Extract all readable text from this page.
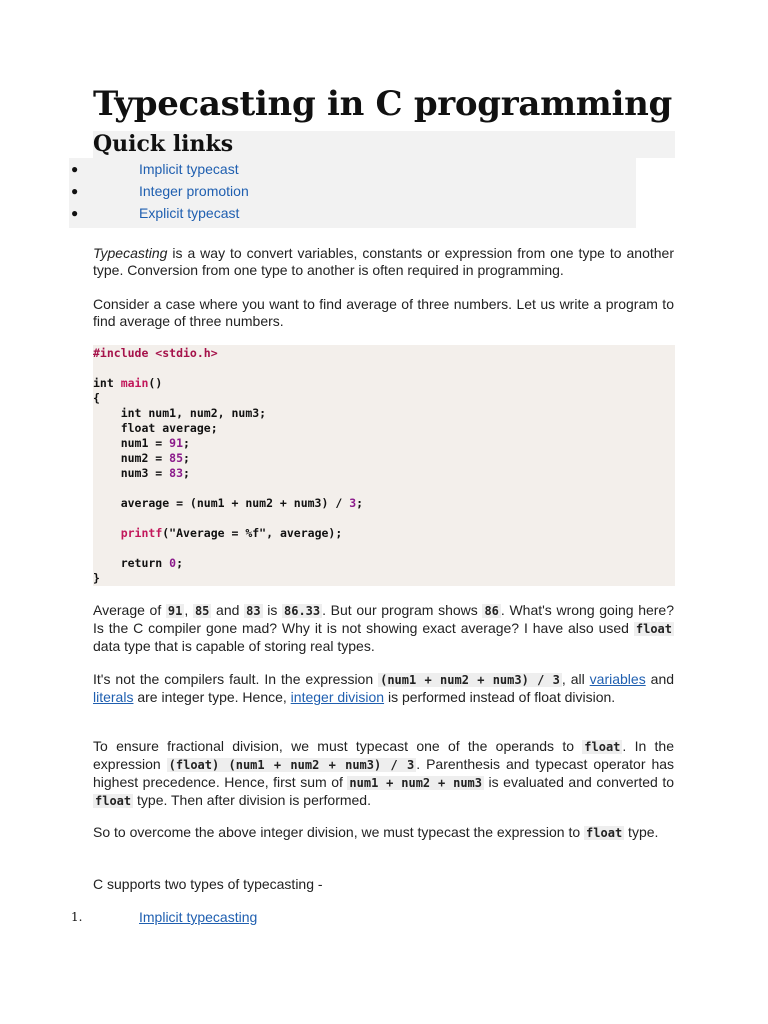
Typecasting in C programming
Quick links
●	Implicit typecast
●	Integer promotion
●	Explicit typecast

Typecasting is a way to convert variables, constants or expression from one type to another type. Conversion from one type to another is often required in programming.

Consider a case where you want to find average of three numbers. Let us write a program to find average of three numbers.

#include <stdio.h>

int main()
{
int num1, num2, num3;
float average;
num1 = 91;
num2 = 85;
num3 = 83;

average = (num1 + num2 + num3) / 3;

printf("Average = %f", average);

return 0;
}

Average of 91 , 85 and 83 is 86.33 . But our program shows 86 . What's wrong going here? Is the C compiler gone mad? Why it is not showing exact average? I have also used float data type that is capable of storing real types.

It's not the compilers fault. In the expression (num1 + num2 + num3) / 3 , all variables and literals are integer type. Hence, integer division is performed instead of float division.

To ensure fractional division, we must typecast one of the operands to float . In the expression (float) (num1 + num2 + num3) / 3 . Parenthesis and typecast operator has highest precedence. Hence, first sum of num1 + num2 + num3 is evaluated and converted to float type. Then after division is performed.

So to overcome the above integer division, we must typecast the expression to float type.

C supports two types of typecasting -

1.	Implicit typecasting
